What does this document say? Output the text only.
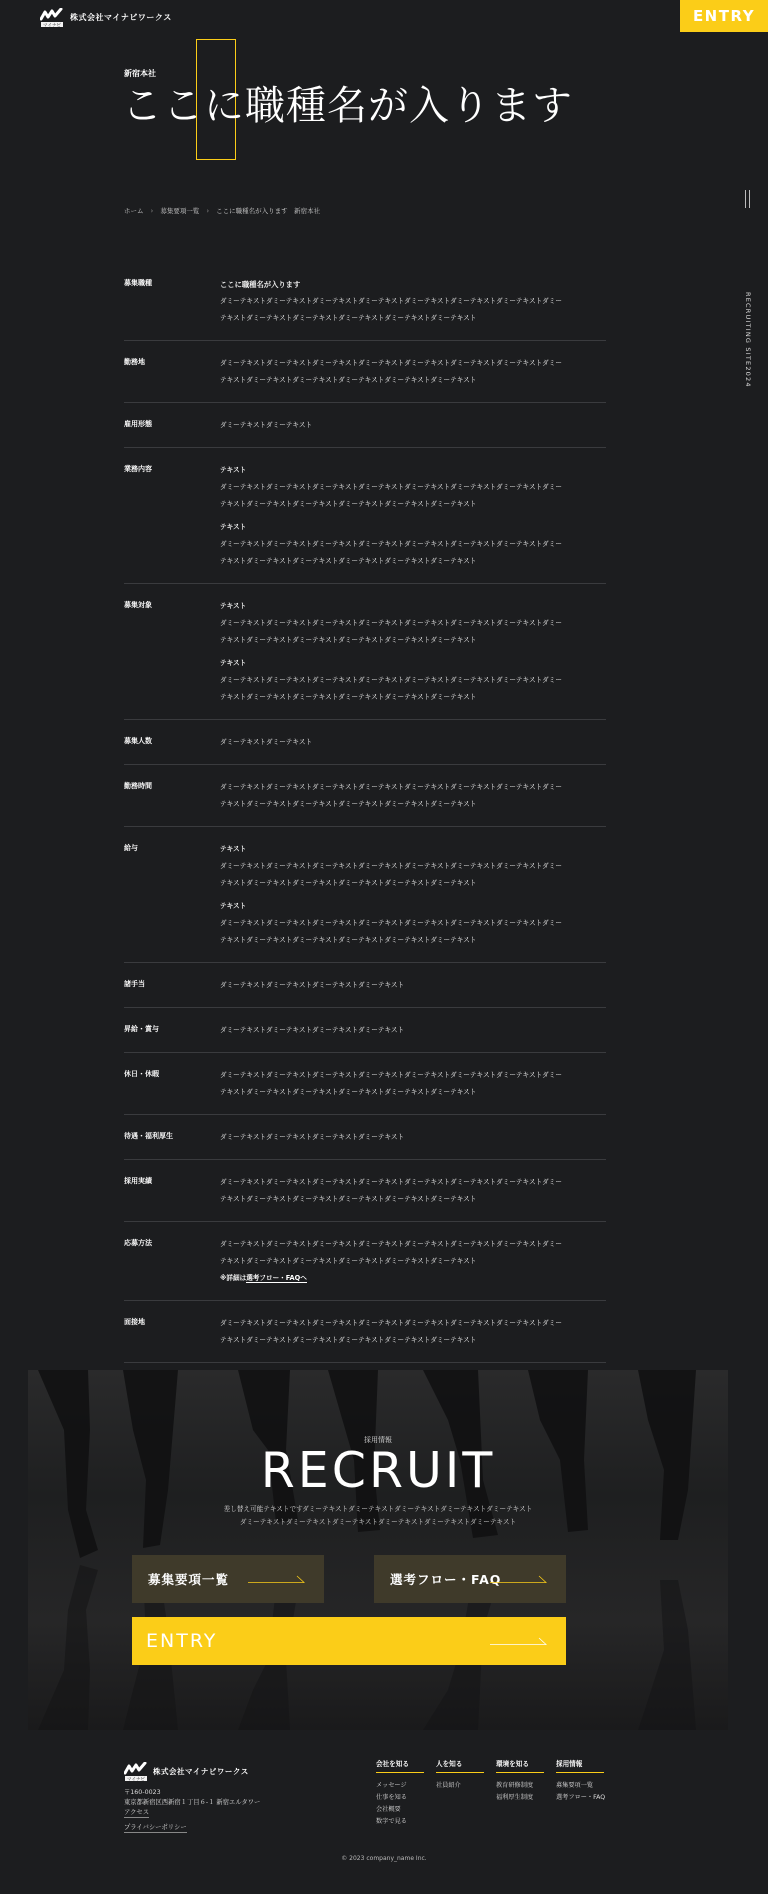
マイナビ
株式会社マイナビワークス	ENTRY
RECRUITING SITE2024
新宿本社
ここに職種名が入ります
ホーム › 募集要項一覧 › ここに職種名が入ります　新宿本社
募集職種	ここに職種名が入ります
ダミーテキストダミーテキストダミーテキストダミーテキストダミーテキストダミーテキストダミーテキストダミー
テキストダミーテキストダミーテキストダミーテキストダミーテキストダミーテキスト
勤務地	ダミーテキストダミーテキストダミーテキストダミーテキストダミーテキストダミーテキストダミーテキストダミー
テキストダミーテキストダミーテキストダミーテキストダミーテキストダミーテキスト
雇用形態	ダミーテキストダミーテキスト
業務内容	テキスト
ダミーテキストダミーテキストダミーテキストダミーテキストダミーテキストダミーテキストダミーテキストダミー
テキストダミーテキストダミーテキストダミーテキストダミーテキストダミーテキスト
テキスト
ダミーテキストダミーテキストダミーテキストダミーテキストダミーテキストダミーテキストダミーテキストダミー
テキストダミーテキストダミーテキストダミーテキストダミーテキストダミーテキスト
募集対象	テキスト
ダミーテキストダミーテキストダミーテキストダミーテキストダミーテキストダミーテキストダミーテキストダミー
テキストダミーテキストダミーテキストダミーテキストダミーテキストダミーテキスト
テキスト
ダミーテキストダミーテキストダミーテキストダミーテキストダミーテキストダミーテキストダミーテキストダミー
テキストダミーテキストダミーテキストダミーテキストダミーテキストダミーテキスト
募集人数	ダミーテキストダミーテキスト
勤務時間	ダミーテキストダミーテキストダミーテキストダミーテキストダミーテキストダミーテキストダミーテキストダミー
テキストダミーテキストダミーテキストダミーテキストダミーテキストダミーテキスト
給与	テキスト
ダミーテキストダミーテキストダミーテキストダミーテキストダミーテキストダミーテキストダミーテキストダミー
テキストダミーテキストダミーテキストダミーテキストダミーテキストダミーテキスト
テキスト
ダミーテキストダミーテキストダミーテキストダミーテキストダミーテキストダミーテキストダミーテキストダミー
テキストダミーテキストダミーテキストダミーテキストダミーテキストダミーテキスト
諸手当	ダミーテキストダミーテキストダミーテキストダミーテキスト
昇給・賞与	ダミーテキストダミーテキストダミーテキストダミーテキスト
休日・休暇	ダミーテキストダミーテキストダミーテキストダミーテキストダミーテキストダミーテキストダミーテキストダミー
テキストダミーテキストダミーテキストダミーテキストダミーテキストダミーテキスト
待遇・福利厚生	ダミーテキストダミーテキストダミーテキストダミーテキスト
採用実績	ダミーテキストダミーテキストダミーテキストダミーテキストダミーテキストダミーテキストダミーテキストダミー
テキストダミーテキストダミーテキストダミーテキストダミーテキストダミーテキスト
応募方法	ダミーテキストダミーテキストダミーテキストダミーテキストダミーテキストダミーテキストダミーテキストダミー
テキストダミーテキストダミーテキストダミーテキストダミーテキストダミーテキスト
※詳細は選考フロー・FAQへ
面接地	ダミーテキストダミーテキストダミーテキストダミーテキストダミーテキストダミーテキストダミーテキストダミー
テキストダミーテキストダミーテキストダミーテキストダミーテキストダミーテキスト
採用情報
RECRUIT
差し替え可能テキストですダミーテキストダミーテキストダミーテキストダミーテキストダミーテキスト
ダミーテキストダミーテキストダミーテキストダミーテキストダミーテキストダミーテキスト
募集要項一覧	選考フロー・FAQ
ENTRY
マイナビ
株式会社マイナビワークス
〒160-0023
東京都新宿区西新宿１丁目６-１ 新宿エルタワー
アクセス
プライバシーポリシー
会社を知る
メッセージ
仕事を知る
会社概要
数字で見る
人を知る
社員紹介
環境を知る
教育研修制度
福利厚生制度
採用情報
募集要項一覧
選考フロー・FAQ
© 2023 company_name Inc.
